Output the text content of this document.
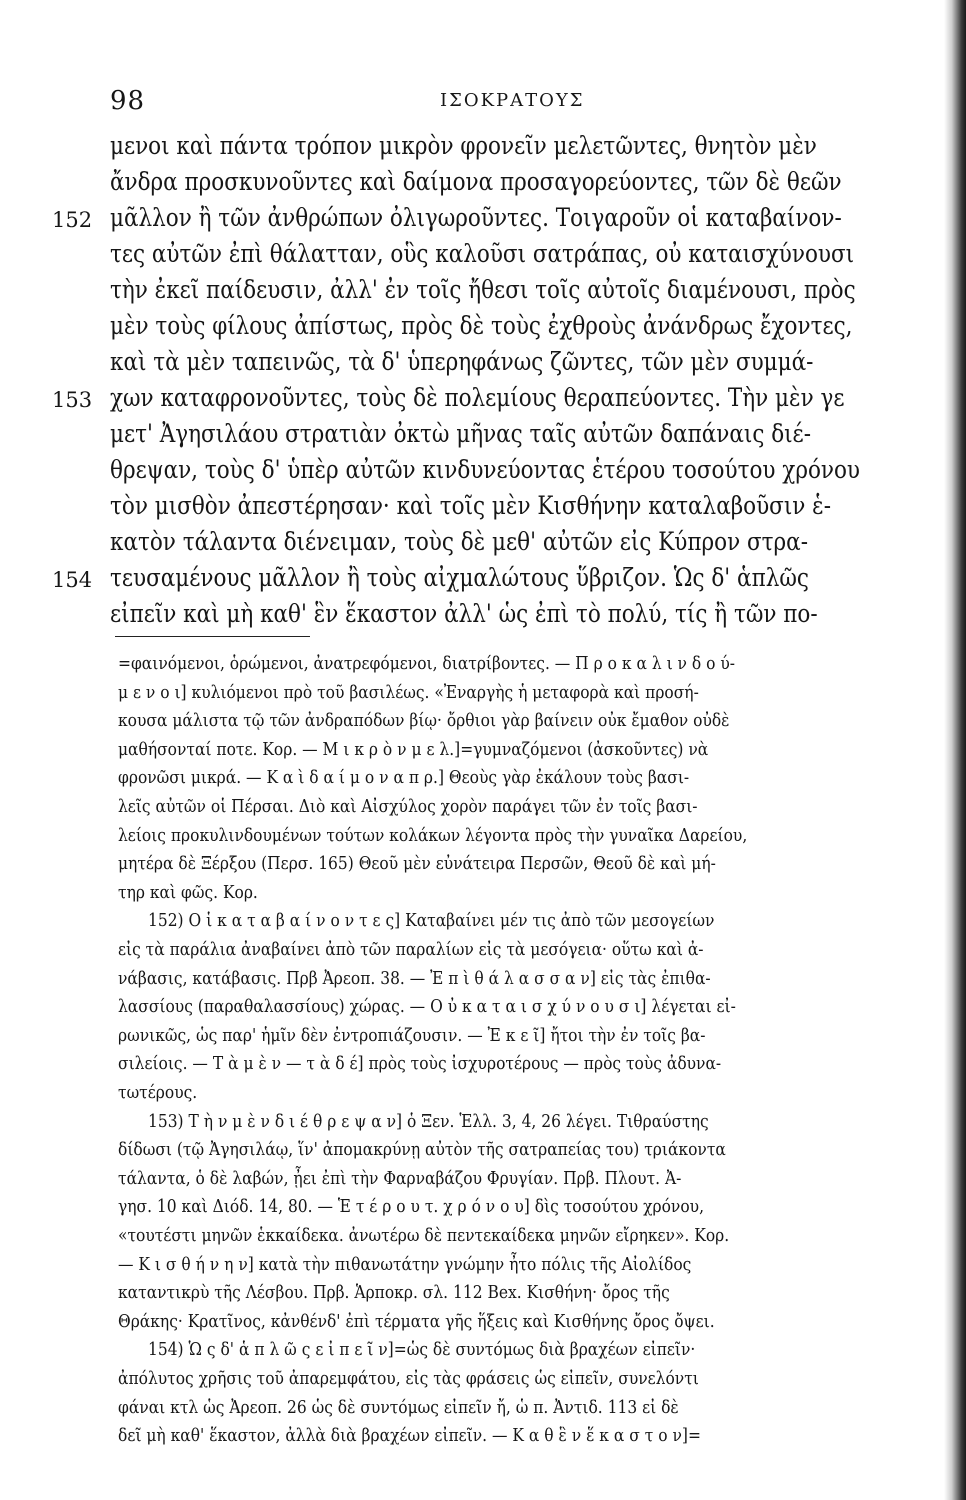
98	ΙΣΟΚΡΑΤΟΥΣ
μενοι καὶ πάντα τρόπον μικρὸν φρονεῖν μελετῶντες, θνητὸν μὲν
ἄνδρα προσκυνοῦντες καὶ δαίμονα προσαγορεύοντες, τῶν δὲ θεῶν
μᾶλλον ἢ τῶν ἀνθρώπων ὀλιγωροῦντες. Τοιγαροῦν οἱ καταβαίνον-
τες αὐτῶν ἐπὶ θάλατταν, οὓς καλοῦσι σατράπας, οὐ καταισχύνουσι
τὴν ἐκεῖ παίδευσιν, ἀλλ' ἐν τοῖς ἤθεσι τοῖς αὐτοῖς διαμένουσι, πρὸς
μὲν τοὺς φίλους ἀπίστως, πρὸς δὲ τοὺς ἐχθροὺς ἀνάνδρως ἔχοντες,
καὶ τὰ μὲν ταπεινῶς, τὰ δ' ὑπερηφάνως ζῶντες, τῶν μὲν συμμά-
χων καταφρονοῦντες, τοὺς δὲ πολεμίους θεραπεύοντες. Τὴν μὲν γε
μετ' Ἀγησιλάου στρατιὰν ὀκτὼ μῆνας ταῖς αὐτῶν δαπάναις διέ-
θρεψαν, τοὺς δ' ὑπὲρ αὐτῶν κινδυνεύοντας ἑτέρου τοσούτου χρόνου
τὸν μισθὸν ἀπεστέρησαν· καὶ τοῖς μὲν Κισθήνην καταλαβοῦσιν ἑ-
κατὸν τάλαντα διένειμαν, τοὺς δὲ μεθ' αὐτῶν εἰς Κύπρον στρα-
τευσαμένους μᾶλλον ἢ τοὺς αἰχμαλώτους ὕβριζον. Ὡς δ' ἁπλῶς
εἰπεῖν καὶ μὴ καθ' ἓν ἕκαστον ἀλλ' ὡς ἐπὶ τὸ πολύ, τίς ἢ τῶν πο-
152
153
154
=φαινόμενοι, ὁρώμενοι, ἀνατρεφόμενοι, διατρίβοντες. — Π ρ ο κ α λ ι ν δ ο ύ-
μ ε ν ο ι] κυλιόμενοι πρὸ τοῦ βασιλέως. «Ἐναργὴς ἡ μεταφορὰ καὶ προσή-
κουσα μάλιστα τῷ τῶν ἀνδραπόδων βίῳ· ὄρθιοι γὰρ βαίνειν οὐκ ἔμαθον οὐδὲ
μαθήσονταί ποτε. Κορ. — Μ ι κ ρ ὸ ν μ ε λ.]=γυμναζόμενοι (ἀσκοῦντες) νὰ
φρονῶσι μικρά. — Κ α ὶ δ α ί μ ο ν α π ρ.] Θεοὺς γὰρ ἐκάλουν τοὺς βασι-
λεῖς αὐτῶν οἱ Πέρσαι. Διὸ καὶ Αἰσχύλος χορὸν παράγει τῶν ἐν τοῖς βασι-
λείοις προκυλινδουμένων τούτων κολάκων λέγοντα πρὸς τὴν γυναῖκα Δαρείου,
μητέρα δὲ Ξέρξου (Περσ. 165) Θεοῦ μὲν εὐνάτειρα Περσῶν, Θεοῦ δὲ καὶ μή-
τηρ καὶ φῶς. Κορ.
152) Ο ἱ κ α τ α β α ί ν ο ν τ ε ς] Καταβαίνει μέν τις ἀπὸ τῶν μεσογείων
εἰς τὰ παράλια ἀναβαίνει ἀπὸ τῶν παραλίων εἰς τὰ μεσόγεια· οὕτω καὶ ἀ-
νάβασις, κατάβασις. Πρβ Ἀρεοπ. 38. — Ἐ π ὶ θ ά λ α σ σ α ν] εἰς τὰς ἐπιθα-
λασσίους (παραθαλασσίους) χώρας. — Ο ὐ κ α τ α ι σ χ ύ ν ο υ σ ι] λέγεται εἰ-
ρωνικῶς, ὡς παρ' ἡμῖν δὲν ἐντροπιάζουσιν. — Ἐ κ ε ῖ] ἤτοι τὴν ἐν τοῖς βα-
σιλείοις. — Τ ὰ μ ὲ ν — τ ὰ δ έ] πρὸς τοὺς ἰσχυροτέρους — πρὸς τοὺς ἀδυνα-
τωτέρους.
153) Τ ὴ ν μ ὲ ν δ ι έ θ ρ ε ψ α ν] ὁ Ξεν. Ἑλλ. 3, 4, 26 λέγει. Τιθραύστης
δίδωσι (τῷ Ἀγησιλάῳ, ἵν' ἀπομακρύνῃ αὐτὸν τῆς σατραπείας του) τριάκοντα
τάλαντα, ὁ δὲ λαβών, ᾖει ἐπὶ τὴν Φαρναβάζου Φρυγίαν. Πρβ. Πλουτ. Ἀ-
γησ. 10 καὶ Διόδ. 14, 80. — Ἑ τ έ ρ ο υ τ. χ ρ ό ν ο υ] δὶς τοσούτου χρόνου,
«τουτέστι μηνῶν ἑκκαίδεκα. ἀνωτέρω δὲ πεντεκαίδεκα μηνῶν εἴρηκεν». Κορ.
— Κ ι σ θ ή ν η ν] κατὰ τὴν πιθανωτάτην γνώμην ἦτο πόλις τῆς Αἰολίδος
καταντικρὺ τῆς Λέσβου. Πρβ. Ἁρποκρ. σλ. 112 Bex. Κισθήνη· ὄρος τῆς
Θράκης· Κρατῖνος, κἀνθένδ' ἐπὶ τέρματα γῆς ἥξεις καὶ Κισθήνης ὄρος ὄψει.
154) Ὡ ς δ' ἁ π λ ῶ ς ε ἰ π ε ῖ ν]=ὡς δὲ συντόμως διὰ βραχέων εἰπεῖν·
ἀπόλυτος χρῆσις τοῦ ἀπαρεμφάτου, εἰς τὰς φράσεις ὡς εἰπεῖν, συνελόντι
φάναι κτλ ὡς Ἀρεοπ. 26 ὡς δὲ συντόμως εἰπεῖν ἤ, ὡ π. Ἀντιδ. 113 εἰ δὲ
δεῖ μὴ καθ' ἕκαστον, ἀλλὰ διὰ βραχέων εἰπεῖν. — Κ α θ ἓ ν ἕ κ α σ τ ο ν]=
